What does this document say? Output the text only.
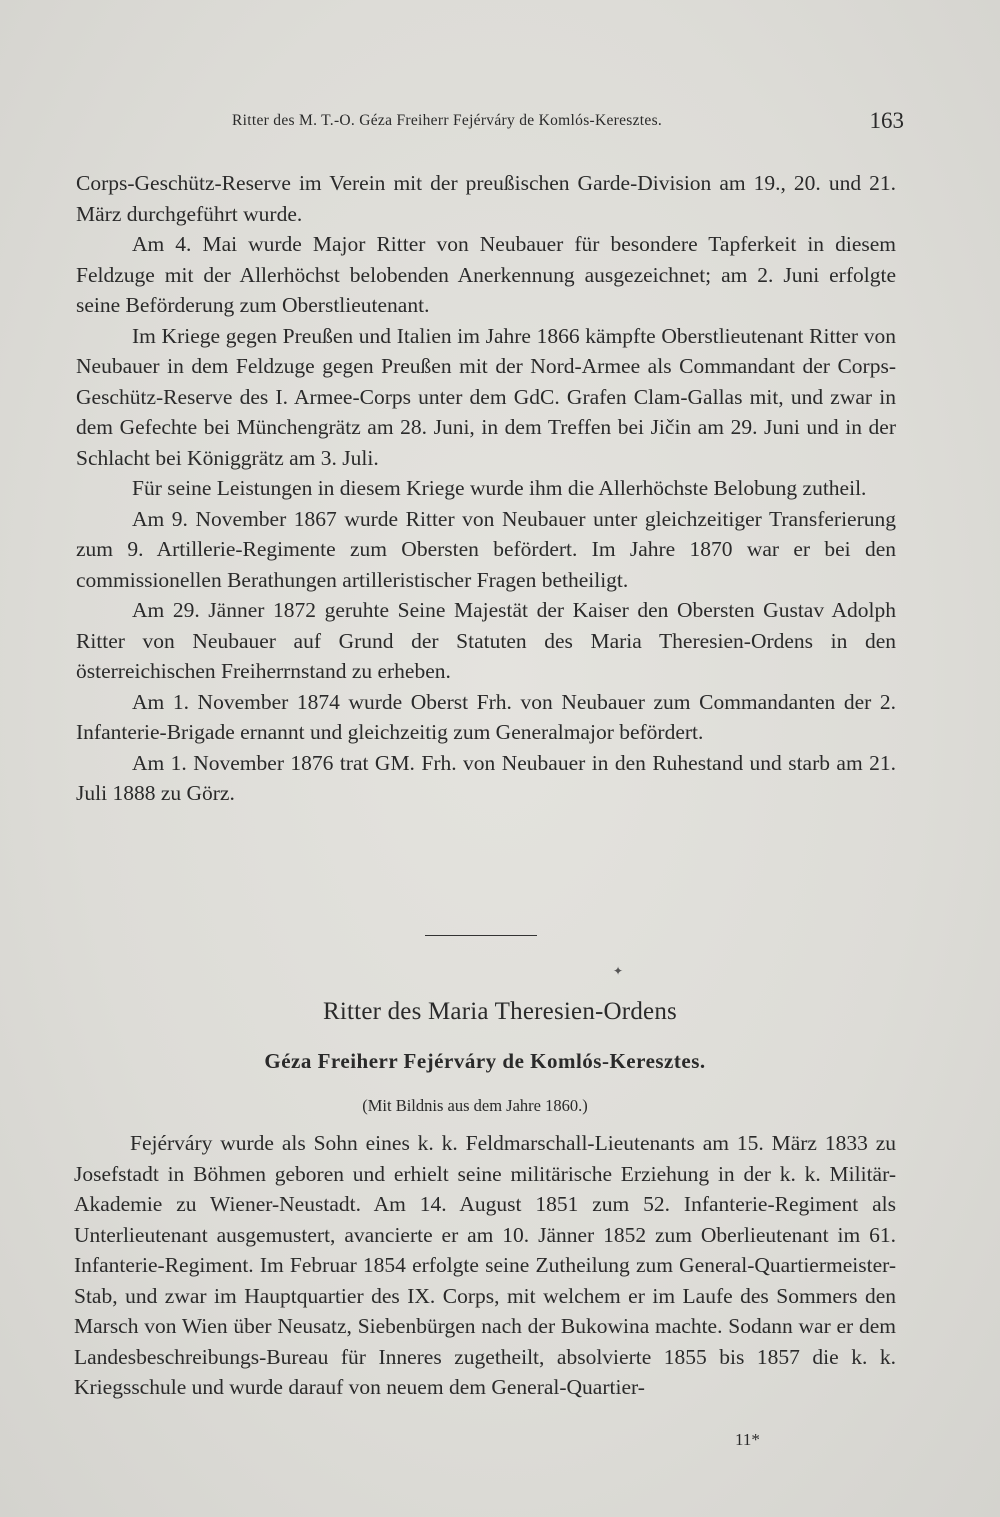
Ritter des M. T.-O. Géza Freiherr Fejérváry de Komlós-Keresztes.	163

Corps-Geschütz-Reserve im Verein mit der preußischen Garde-Division am 19., 20. und 21. März durchgeführt wurde.

Am 4. Mai wurde Major Ritter von Neubauer für besondere Tapferkeit in diesem Feldzuge mit der Allerhöchst belobenden Anerkennung ausgezeichnet; am 2. Juni erfolgte seine Beförderung zum Oberstlieutenant.

Im Kriege gegen Preußen und Italien im Jahre 1866 kämpfte Oberstlieutenant Ritter von Neubauer in dem Feldzuge gegen Preußen mit der Nord-Armee als Commandant der Corps-Geschütz-Reserve des I. Armee-Corps unter dem GdC. Grafen Clam-Gallas mit, und zwar in dem Gefechte bei Münchengrätz am 28. Juni, in dem Treffen bei Jičin am 29. Juni und in der Schlacht bei Königgrätz am 3. Juli.

Für seine Leistungen in diesem Kriege wurde ihm die Allerhöchste Belobung zutheil.

Am 9. November 1867 wurde Ritter von Neubauer unter gleichzeitiger Transferierung zum 9. Artillerie-Regimente zum Obersten befördert. Im Jahre 1870 war er bei den commissionellen Berathungen artilleristischer Fragen betheiligt.

Am 29. Jänner 1872 geruhte Seine Majestät der Kaiser den Obersten Gustav Adolph Ritter von Neubauer auf Grund der Statuten des Maria Theresien-Ordens in den österreichischen Freiherrnstand zu erheben.

Am 1. November 1874 wurde Oberst Frh. von Neubauer zum Commandanten der 2. Infanterie-Brigade ernannt und gleichzeitig zum Generalmajor befördert.

Am 1. November 1876 trat GM. Frh. von Neubauer in den Ruhestand und starb am 21. Juli 1888 zu Görz.

✦
Ritter des Maria Theresien-Ordens
Géza Freiherr Fejérváry de Komlós-Keresztes.
(Mit Bildnis aus dem Jahre 1860.)

Fejérváry wurde als Sohn eines k. k. Feldmarschall-Lieutenants am 15. März 1833 zu Josefstadt in Böhmen geboren und erhielt seine militärische Erziehung in der k. k. Militär-Akademie zu Wiener-Neustadt. Am 14. August 1851 zum 52. Infanterie-Regiment als Unterlieutenant ausgemustert, avancierte er am 10. Jänner 1852 zum Oberlieutenant im 61. Infanterie-Regiment. Im Februar 1854 erfolgte seine Zutheilung zum General-Quartiermeister-Stab, und zwar im Hauptquartier des IX. Corps, mit welchem er im Laufe des Sommers den Marsch von Wien über Neusatz, Siebenbürgen nach der Bukowina machte. Sodann war er dem Landesbeschreibungs-Bureau für Inneres zugetheilt, absolvierte 1855 bis 1857 die k. k. Kriegsschule und wurde darauf von neuem dem General-Quartier-

11*
